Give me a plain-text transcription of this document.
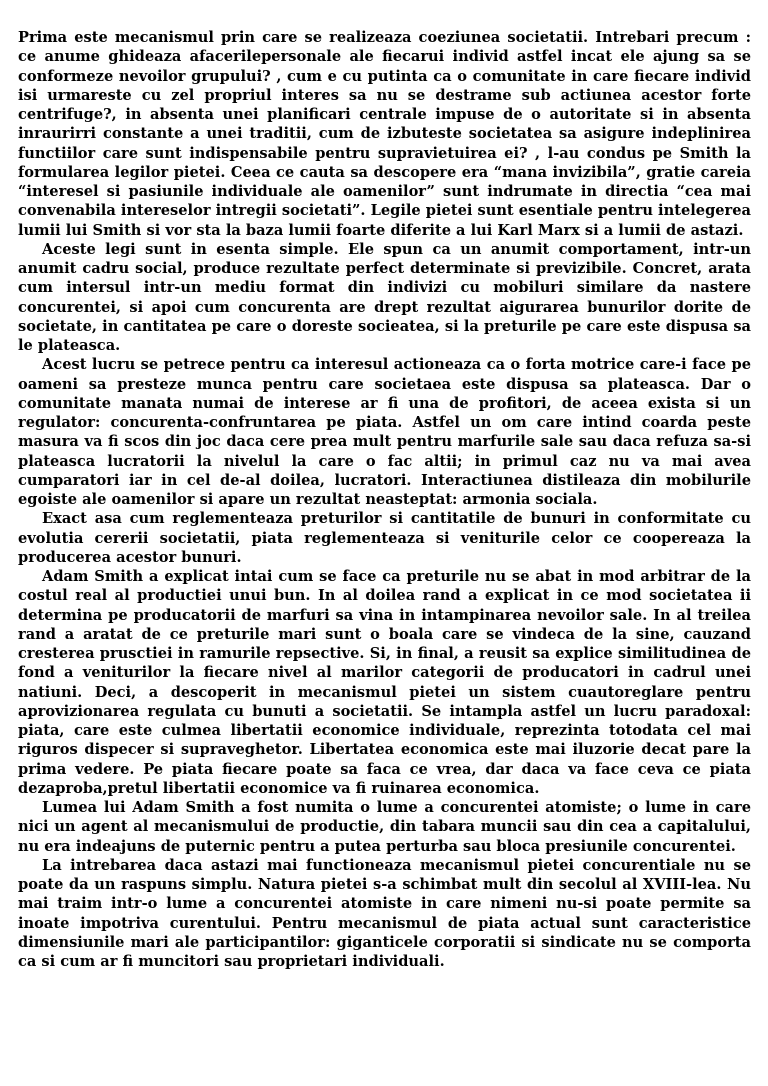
Prima este mecanismul prin care se realizeaza coeziunea societatii. Intrebari precum : ce anume ghideaza afacerilepersonale ale fiecarui individ astfel incat ele ajung sa se conformeze nevoilor grupului? , cum e cu putinta ca o comunitate in care fiecare individ isi urmareste cu zel propriul interes sa nu se destrame sub actiunea acestor forte centrifuge?, in absenta unei planificari centrale impuse de o autoritate si in absenta inraurirri constante a unei traditii, cum de izbuteste societatea sa asigure indeplinirea functiilor care sunt indispensabile pentru supravietuirea ei? , l-au condus pe Smith la formularea legilor pietei. Ceea ce cauta sa descopere era “mana invizibila”, gratie careia “interesel si pasiunile individuale ale oamenilor” sunt indrumate in directia “cea mai convenabila intereselor intregii societati”. Legile pietei sunt esentiale pentru intelegerea lumii lui Smith si vor sta la baza lumii foarte diferite a lui Karl Marx si a lumii de astazi.

Aceste legi sunt in esenta simple. Ele spun ca un anumit comportament, intr-un anumit cadru social, produce rezultate perfect determinate si previzibile. Concret, arata cum intersul intr-un mediu format din indivizi cu mobiluri similare da nastere concurentei, si apoi cum concurenta are drept rezultat aigurarea bunurilor dorite de societate, in cantitatea pe care o doreste socieatea, si la preturile pe care este dispusa sa le plateasca.

Acest lucru se petrece pentru ca interesul actioneaza ca o forta motrice care-i face pe oameni sa presteze munca pentru care societaea este dispusa sa plateasca. Dar o comunitate manata numai de interese ar fi una de profitori, de aceea exista si un regulator: concurenta-confruntarea pe piata. Astfel un om care intind coarda peste masura va fi scos din joc daca cere prea mult pentru marfurile sale sau daca refuza sa-si plateasca lucratorii la nivelul la care o fac altii; in primul caz nu va mai avea cumparatori iar in cel de-al doilea, lucratori. Interactiunea distileaza din mobilurile egoiste ale oamenilor si apare un rezultat neasteptat: armonia sociala.

Exact asa cum reglementeaza preturilor si cantitatile de bunuri in conformitate cu evolutia cererii societatii, piata reglementeaza si veniturile celor ce coopereaza la producerea acestor bunuri.

Adam Smith a explicat intai cum se face ca preturile nu se abat in mod arbitrar de la costul real al productiei unui bun. In al doilea rand a explicat in ce mod societatea ii determina pe producatorii de marfuri sa vina in intampinarea nevoilor sale. In al treilea rand a aratat de ce preturile mari sunt o boala care se vindeca de la sine, cauzand cresterea prusctiei in ramurile repsective. Si, in final, a reusit sa explice similitudinea de fond a veniturilor la fiecare nivel al marilor categorii de producatori in cadrul unei natiuni. Deci, a descoperit in mecanismul pietei un sistem cuautoreglare pentru aprovizionarea regulata cu bunuti a societatii. Se intampla astfel un lucru paradoxal: piata, care este culmea libertatii economice individuale, reprezinta totodata cel mai riguros dispecer si supraveghetor. Libertatea economica este mai iluzorie decat pare la prima vedere. Pe piata fiecare poate sa faca ce vrea, dar daca va face ceva ce piata dezaproba,pretul libertatii economice va fi ruinarea economica.

Lumea lui Adam Smith a fost numita o lume a concurentei atomiste; o lume in care nici un agent al mecanismului de productie, din tabara muncii sau din cea a capitalului, nu era indeajuns de puternic pentru a putea perturba sau bloca presiunile concurentei.

La intrebarea daca astazi mai functioneaza mecanismul pietei concurentiale nu se poate da un raspuns simplu. Natura pietei s-a schimbat mult din secolul al XVIII-lea. Nu mai traim intr-o lume a concurentei atomiste in care nimeni nu-si poate permite sa inoate impotriva curentului. Pentru mecanismul de piata actual sunt caracteristice dimensiunile mari ale participantilor: giganticele corporatii si sindicate nu se comporta ca si cum ar fi muncitori sau proprietari individuali.
